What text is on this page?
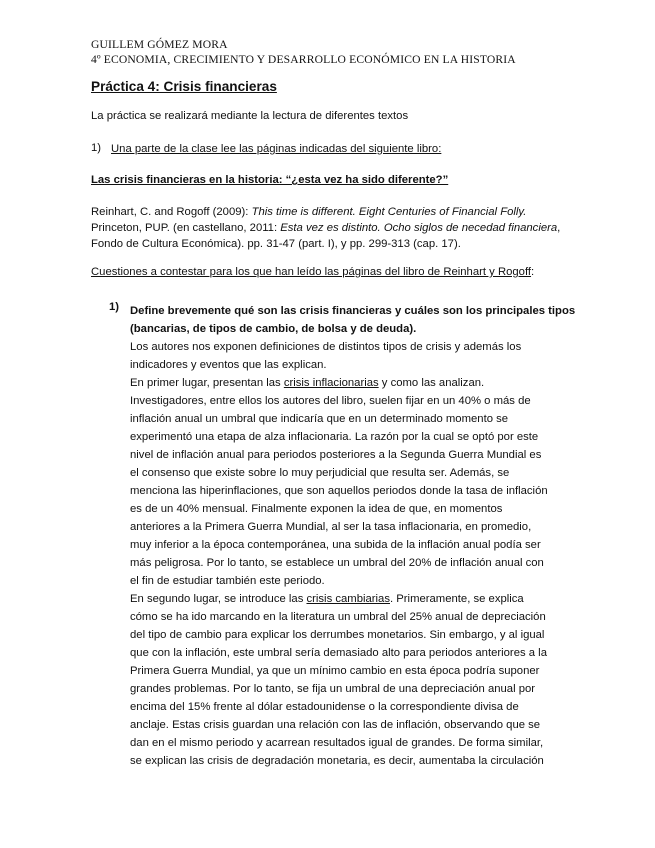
GUILLEM GÓMEZ MORA
4º ECONOMIA, CRECIMIENTO Y DESARROLLO ECONÓMICO EN LA HISTORIA
Práctica 4: Crisis financieras
La práctica se realizará mediante la lectura de diferentes textos
1) Una parte de la clase lee las páginas indicadas del siguiente libro:
Las crisis financieras en la historia: “¿esta vez ha sido diferente?”
Reinhart, C. and Rogoff (2009): This time is different. Eight Centuries of Financial Folly.
Princeton, PUP. (en castellano, 2011: Esta vez es distinto. Ocho siglos de necedad financiera,
Fondo de Cultura Económica). pp. 31-47 (part. I), y pp. 299-313 (cap. 17).
Cuestiones a contestar para los que han leído las páginas del libro de Reinhart y Rogoff:
1) Define brevemente qué son las crisis financieras y cuáles son los principales tipos
(bancarias, de tipos de cambio, de bolsa y de deuda).
Los autores nos exponen definiciones de distintos tipos de crisis y además los
indicadores y eventos que las explican.
En primer lugar, presentan las crisis inflacionarias y como las analizan.
Investigadores, entre ellos los autores del libro, suelen fijar en un 40% o más de
inflación anual un umbral que indicaría que en un determinado momento se
experimentó una etapa de alza inflacionaria. La razón por la cual se optó por este
nivel de inflación anual para periodos posteriores a la Segunda Guerra Mundial es
el consenso que existe sobre lo muy perjudicial que resulta ser. Además, se
menciona las hiperinflaciones, que son aquellos periodos donde la tasa de inflación
es de un 40% mensual. Finalmente exponen la idea de que, en momentos
anteriores a la Primera Guerra Mundial, al ser la tasa inflacionaria, en promedio,
muy inferior a la época contemporánea, una subida de la inflación anual podía ser
más peligrosa. Por lo tanto, se establece un umbral del 20% de inflación anual con
el fin de estudiar también este periodo.
En segundo lugar, se introduce las crisis cambiarias. Primeramente, se explica
cómo se ha ido marcando en la literatura un umbral del 25% anual de depreciación
del tipo de cambio para explicar los derrumbes monetarios. Sin embargo, y al igual
que con la inflación, este umbral sería demasiado alto para periodos anteriores a la
Primera Guerra Mundial, ya que un mínimo cambio en esta época podría suponer
grandes problemas. Por lo tanto, se fija un umbral de una depreciación anual por
encima del 15% frente al dólar estadounidense o la correspondiente divisa de
anclaje. Estas crisis guardan una relación con las de inflación, observando que se
dan en el mismo periodo y acarrean resultados igual de grandes. De forma similar,
se explican las crisis de degradación monetaria, es decir, aumentaba la circulación
